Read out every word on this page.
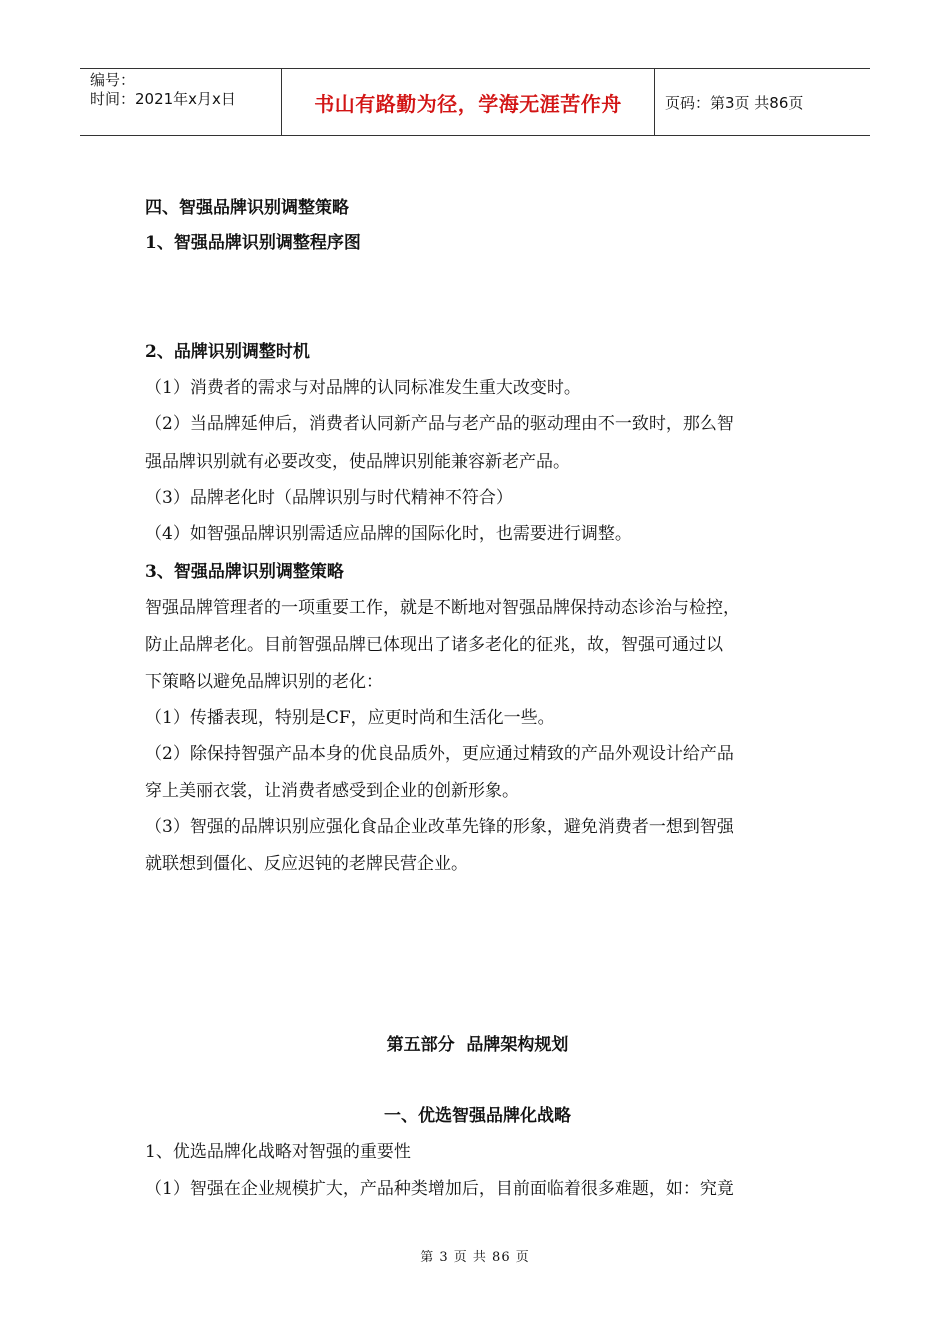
编号：
时间：2021年x月x日	书山有路勤为径，学海无涯苦作舟	页码：第3页 共86页
四、智强品牌识别调整策略
1、智强品牌识别调整程序图
2、品牌识别调整时机
（1）消费者的需求与对品牌的认同标准发生重大改变时。
（2）当品牌延伸后，消费者认同新产品与老产品的驱动理由不一致时，那么智
强品牌识别就有必要改变，使品牌识别能兼容新老产品。
（3）品牌老化时（品牌识别与时代精神不符合）
（4）如智强品牌识别需适应品牌的国际化时，也需要进行调整。
3、智强品牌识别调整策略
智强品牌管理者的一项重要工作，就是不断地对智强品牌保持动态诊治与检控，
防止品牌老化。目前智强品牌已体现出了诸多老化的征兆，故，智强可通过以
下策略以避免品牌识别的老化：
（1）传播表现，特别是CF，应更时尚和生活化一些。
（2）除保持智强产品本身的优良品质外，更应通过精致的产品外观设计给产品
穿上美丽衣裳，让消费者感受到企业的创新形象。
（3）智强的品牌识别应强化食品企业改革先锋的形象，避免消费者一想到智强
就联想到僵化、反应迟钝的老牌民营企业。
第五部分  品牌架构规划
一、优选智强品牌化战略
1、优选品牌化战略对智强的重要性
（1）智强在企业规模扩大，产品种类增加后，目前面临着很多难题，如：究竟
第 3 页 共 86 页
